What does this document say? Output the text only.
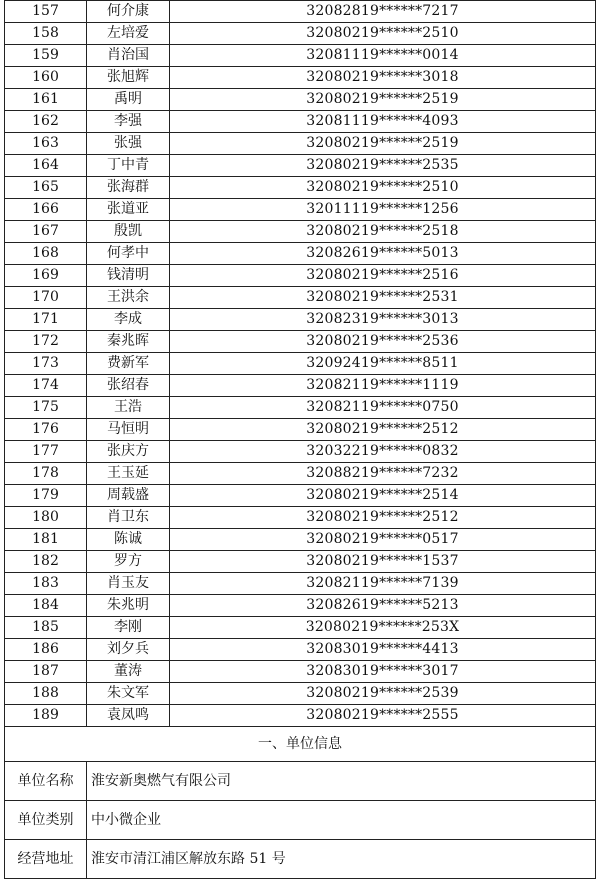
157	何介康	32082819******7217
158	左培爱	32080219******2510
159	肖治国	32081119******0014
160	张旭辉	32080219******3018
161	禹明	32080219******2519
162	李强	32081119******4093
163	张强	32080219******2519
164	丁中青	32080219******2535
165	张海群	32080219******2510
166	张道亚	32011119******1256
167	殷凯	32080219******2518
168	何孝中	32082619******5013
169	钱清明	32080219******2516
170	王洪余	32080219******2531
171	李成	32082319******3013
172	秦兆晖	32080219******2536
173	费新军	32092419******8511
174	张绍春	32082119******1119
175	王浩	32082119******0750
176	马恒明	32080219******2512
177	张庆方	32032219******0832
178	王玉延	32088219******7232
179	周载盛	32080219******2514
180	肖卫东	32080219******2512
181	陈诚	32080219******0517
182	罗方	32080219******1537
183	肖玉友	32082119******7139
184	朱兆明	32082619******5213
185	李刚	32080219******253X
186	刘夕兵	32083019******4413
187	董涛	32083019******3017
188	朱文军	32080219******2539
189	袁凤鸣	32080219******2555
一、单位信息		
单位名称	淮安新奥燃气有限公司	
单位类别	中小微企业	
经营地址	淮安市清江浦区解放东路 51 号	
